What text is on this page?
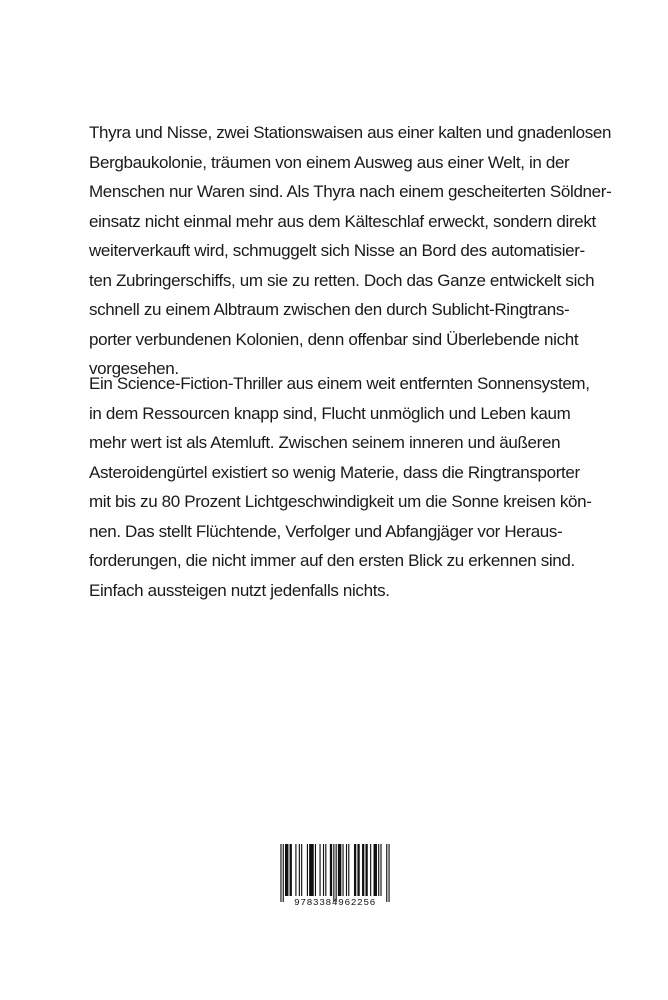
Thyra und Nisse, zwei Stationswaisen aus einer kalten und gnadenlosen
Bergbaukolonie, träumen von einem Ausweg aus einer Welt, in der
Menschen nur Waren sind. Als Thyra nach einem gescheiterten Söldner-
einsatz nicht einmal mehr aus dem Kälteschlaf erweckt, sondern direkt
weiterverkauft wird, schmuggelt sich Nisse an Bord des automatisier-
ten Zubringerschiffs, um sie zu retten. Doch das Ganze entwickelt sich
schnell zu einem Albtraum zwischen den durch Sublicht-Ringtrans-
porter verbundenen Kolonien, denn offenbar sind Überlebende nicht
vorgesehen.
Ein Science-Fiction-Thriller aus einem weit entfernten Sonnensystem,
in dem Ressourcen knapp sind, Flucht unmöglich und Leben kaum
mehr wert ist als Atemluft. Zwischen seinem inneren und äußeren
Asteroidengürtel existiert so wenig Materie, dass die Ringtransporter
mit bis zu 80 Prozent Lichtgeschwindigkeit um die Sonne kreisen kön-
nen. Das stellt Flüchtende, Verfolger und Abfangjäger vor Heraus-
forderungen, die nicht immer auf den ersten Blick zu erkennen sind.
Einfach aussteigen nutzt jedenfalls nichts.
9783384962256
